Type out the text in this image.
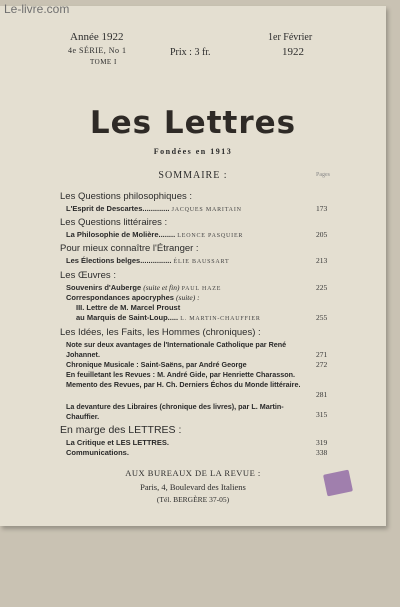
Le-livre.com
Année 1922
4e SÉRIE, No 1
TOME I
Prix : 3 fr.
1er Février
1922
Les Lettres
Fondées en 1913
SOMMAIRE :	Pages
Les Questions philosophiques :
L'Esprit de Descartes............. JACQUES MARITAIN	173
Les Questions littéraires :
La Philosophie de Molière........ LEONCE PASQUIER	205
Pour mieux connaître l'Étranger :
Les Élections belges............... ÉLIE BAUSSART	213
Les Œuvres :
Souvenirs d'Auberge (suite et fin) PAUL HAZE	225
Correspondances apocryphes (suite) :
III. Lettre de M. Marcel Proust
au Marquis de Saint-Loup..... L. MARTIN-CHAUFFIER	255
Les Idées, les Faits, les Hommes (chroniques) :
Note sur deux avantages de l'Internationale Catholique par René Johannet.	271
Chronique Musicale : Saint-Saëns, par André George	272
En feuilletant les Revues : M. André Gide, par Henriette Charasson. Memento des Revues, par H. Ch. Derniers Échos du Monde littéraire.
281
La devanture des Libraires (chronique des livres), par L. Martin-Chauffier.	315
En marge des LETTRES :
La Critique et LES LETTRES.	319
Communications.	338
AUX BUREAUX DE LA REVUE :
Paris, 4, Boulevard des Italiens
(Tél. BERGÈRE 37-05)
